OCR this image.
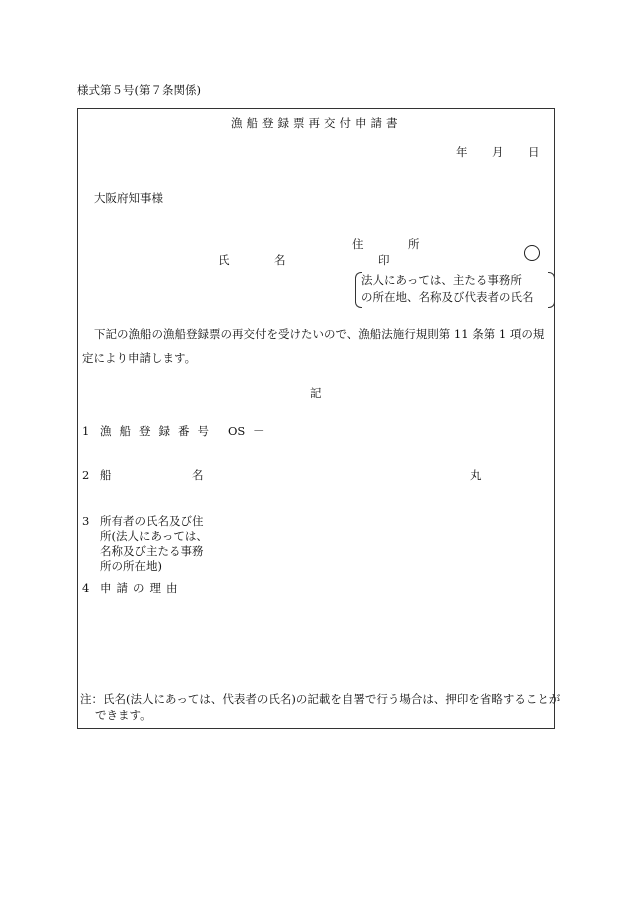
様式第５号(第７条関係)
漁船登録票再交付申請書
年 月 日
大阪府知事様
住	所
氏	名	印
法人にあっては、主たる事務所
の所在地、名称及び代表者の氏名
下記の漁船の漁船登録票の再交付を受けたいので、漁船法施行規則第 11 条第 1 項の規定により申請します。
記
1 漁船登録番号 OS －
2 船	名	丸
3 所有者の氏名及び住
所(法人にあっては、
名称及び主たる事務
所の所在地)
4 申請の理由
注：氏名(法人にあっては、代表者の氏名)の記載を自署で行う場合は、押印を省略することができます。
